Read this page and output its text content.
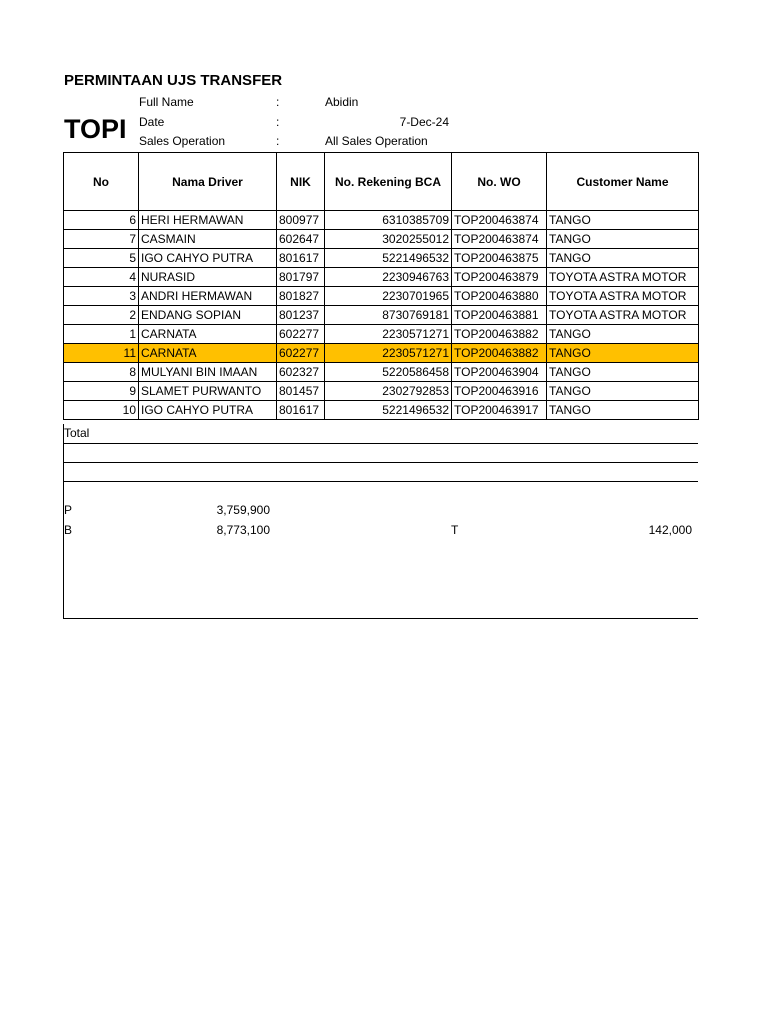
PERMINTAAN UJS TRANSFER
TOPI
Full Name	:	Abidin
Date	:	7-Dec-24
Sales Operation	:	All Sales Operation
No	Nama Driver	NIK	No. Rekening BCA	No. WO	Customer Name
6	HERI HERMAWAN	800977	6310385709	TOP200463874	TANGO
7	CASMAIN	602647	3020255012	TOP200463874	TANGO
5	IGO CAHYO PUTRA	801617	5221496532	TOP200463875	TANGO
4	NURASID	801797	2230946763	TOP200463879	TOYOTA ASTRA MOTOR
3	ANDRI HERMAWAN	801827	2230701965	TOP200463880	TOYOTA ASTRA MOTOR
2	ENDANG SOPIAN	801237	8730769181	TOP200463881	TOYOTA ASTRA MOTOR
1	CARNATA	602277	2230571271	TOP200463882	TANGO
11	CARNATA	602277	2230571271	TOP200463882	TANGO
8	MULYANI BIN IMAAN	602327	5220586458	TOP200463904	TANGO
9	SLAMET PURWANTO	801457	2302792853	TOP200463916	TANGO
10	IGO CAHYO PUTRA	801617	5221496532	TOP200463917	TANGO
Total
P	3,759,900
B	8,773,100	T	142,000
